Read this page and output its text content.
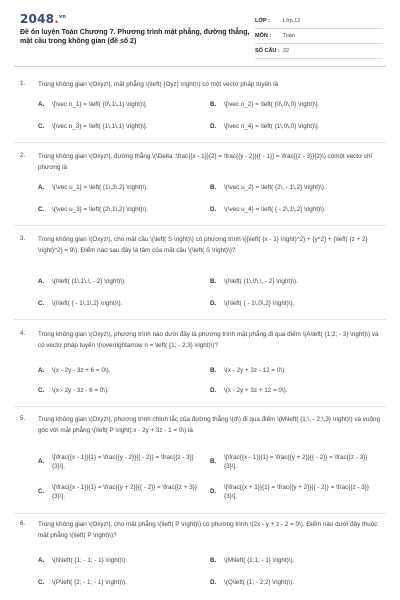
2048.$^{vn}$
Đề ôn luyện Toán Chương 7. Phương trình mặt phẳng, đường thẳng, mặt cầu trong không gian (đề số 2)
LỚP : Lớp 12
MÔN : Toán
SỐ CÂU : 22
1. Trong không gian \(Oxyz\), mặt phẳng \(\left( {Oyz} \right)\) có một vectơ pháp tuyến là
A. \[\vec n_1} = \left( {0\,1\,1} \right)\].	B. \[\vec n_2} = \left( {0\,0\,0} \right)\].
C. \[\vec n_3} = \left( {1\,1\,1} \right)\].	D. \[\vec n_4} = \left( {1\,0\,0} \right)\].
2. Trong không gian \(Oxyz\), đường thẳng \(\Delta :\frac{{x - 1}}{2} = \frac{{y - 2}}{{ - 1}} = \frac{{z - 3}}{2}\) cómột vectơ chỉ phương là
A. \(\vec u_1} = \left( {1\,3\,2} \right)\).	B. \(\vec u_2} = \left( {2\, - 1\,2} \right)\).
C. \(\vec u_3} = \left( {2\,1\,2} \right)\).	D. \(\vec u_4} = \left( { - 2\,1\,2} \right)\).
3. Trong không gian \(Oxyz\), cho mặt cầu \(\left( S \right)\) có phương trình \({\left( {x - 1} \right)^2} + {y^2} + {\left( {z + 2} \right)^2} = 9\). Điểm nào sau đây là tâm của mặt cầu \(\left( S \right)\)?
A. \(I\left( {1\,1\,\, - 2} \right)\).	B. \(I\left( {1\,0\,\, - 2} \right)\).
C. \(I\left( { - 1\,1\,2} \right)\).	D. \(I\left( { - 1\,0\,2} \right)\).
4. Trong không gian \(Oxyz\), phương trình nào dưới đây là phương trình mặt phẳng đi qua điểm \(A\left( {1;2; - 3} \right)\) và có vectơ pháp tuyến \(\overrightarrow n = \left( {1; - 2;3} \right)\)?
A. \(x - 2y - 3z + 6 = 0\).	B. \(x - 2y + 3z - 12 = 0\).
C. \(x - 2y - 3z - 6 = 0\).	D. \(x - 2y + 3z + 12 = 0\).
5. Trong không gian \(Oxyz\), phương trình chính tắc của đường thẳng \(d\) đi qua điểm \(M\left( {1;\, - 2;\,3} \right)\) và vuông góc với mặt phẳng \(\left( P \right):x - 2y + 3z - 1 = 0\) là
A.
\[\frac{{x - 1}}{1} = \frac{{y - 2}}{{ - 2}} = \frac{{z - 3}}{3}\].
B.
\[\frac{{x - 1}}{1} = \frac{{y + 2}}{{ - 2}} = \frac{{z - 3}}{3}\].
C.
\[\frac{{x - 1}}{1} = \frac{{y + 2}}{{ - 2}} = \frac{{z + 3}}{3}\].
D.
\[\frac{{x + 1}}{1} = \frac{{y + 2}}{{ - 2}} = \frac{{z - 3}}{3}\].
6. Trong không gian \(Oxyz\), cho mặt phẳng \(\left( P \right)\) có phương trình \(2x - y + z - 2 = 0\). Điểm nào dưới đây thuộc mặt phẳng \(\left( P \right)\)?
A. \(N\left( {1; - 1; - 1} \right)\).	B. \(M\left( {1;1; - 1} \right)\).
C. \(P\left( {2; - 1; - 1} \right)\).	D. \(Q\left( {1; - 2;2} \right)\).
